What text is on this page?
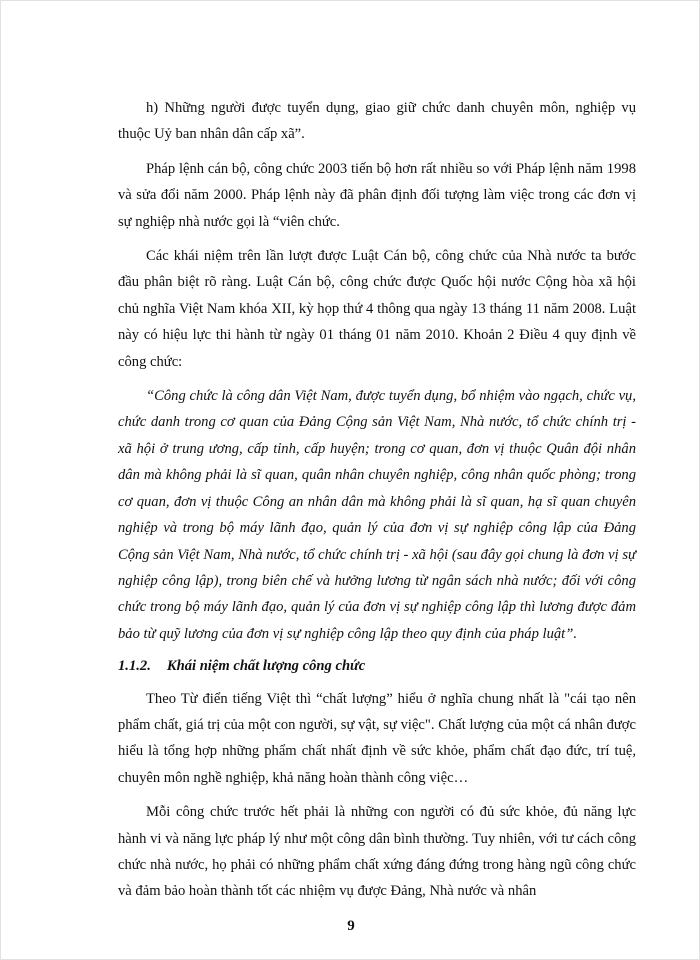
h) Những người được tuyển dụng, giao giữ chức danh chuyên môn, nghiệp vụ thuộc Uỷ ban nhân dân cấp xã”.

Pháp lệnh cán bộ, công chức 2003 tiến bộ hơn rất nhiều so với Pháp lệnh năm 1998 và sửa đổi năm 2000. Pháp lệnh này đã phân định đối tượng làm việc trong các đơn vị sự nghiệp nhà nước gọi là “viên chức.

Các khái niệm trên lần lượt được Luật Cán bộ, công chức của Nhà nước ta bước đầu phân biệt rõ ràng. Luật Cán bộ, công chức được Quốc hội nước Cộng hòa xã hội chủ nghĩa Việt Nam khóa XII, kỳ họp thứ 4 thông qua ngày 13 tháng 11 năm 2008. Luật này có hiệu lực thi hành từ ngày 01 tháng 01 năm 2010. Khoản 2 Điều 4 quy định về công chức:

“Công chức là công dân Việt Nam, được tuyển dụng, bổ nhiệm vào ngạch, chức vụ, chức danh trong cơ quan của Đảng Cộng sản Việt Nam, Nhà nước, tổ chức chính trị - xã hội ở trung ương, cấp tỉnh, cấp huyện; trong cơ quan, đơn vị thuộc Quân đội nhân dân mà không phải là sĩ quan, quân nhân chuyên nghiệp, công nhân quốc phòng; trong cơ quan, đơn vị thuộc Công an nhân dân mà không phải là sĩ quan, hạ sĩ quan chuyên nghiệp và trong bộ máy lãnh đạo, quản lý của đơn vị sự nghiệp công lập của Đảng Cộng sản Việt Nam, Nhà nước, tổ chức chính trị - xã hội (sau đây gọi chung là đơn vị sự nghiệp công lập), trong biên chế và hưởng lương từ ngân sách nhà nước; đối với công chức trong bộ máy lãnh đạo, quản lý của đơn vị sự nghiệp công lập thì lương được đảm bảo từ quỹ lương của đơn vị sự nghiệp công lập theo quy định của pháp luật”.

1.1.2. Khái niệm chất lượng công chức

Theo Từ điển tiếng Việt thì “chất lượng” hiểu ở nghĩa chung nhất là "cái tạo nên phẩm chất, giá trị của một con người, sự vật, sự việc". Chất lượng của một cá nhân được hiểu là tổng hợp những phẩm chất nhất định về sức khỏe, phẩm chất đạo đức, trí tuệ, chuyên môn nghề nghiệp, khả năng hoàn thành công việc…

Mỗi công chức trước hết phải là những con người có đủ sức khỏe, đủ năng lực hành vi và năng lực pháp lý như một công dân bình thường. Tuy nhiên, với tư cách công chức nhà nước, họ phải có những phẩm chất xứng đáng đứng trong hàng ngũ công chức và đảm bảo hoàn thành tốt các nhiệm vụ được Đảng, Nhà nước và nhân

9
